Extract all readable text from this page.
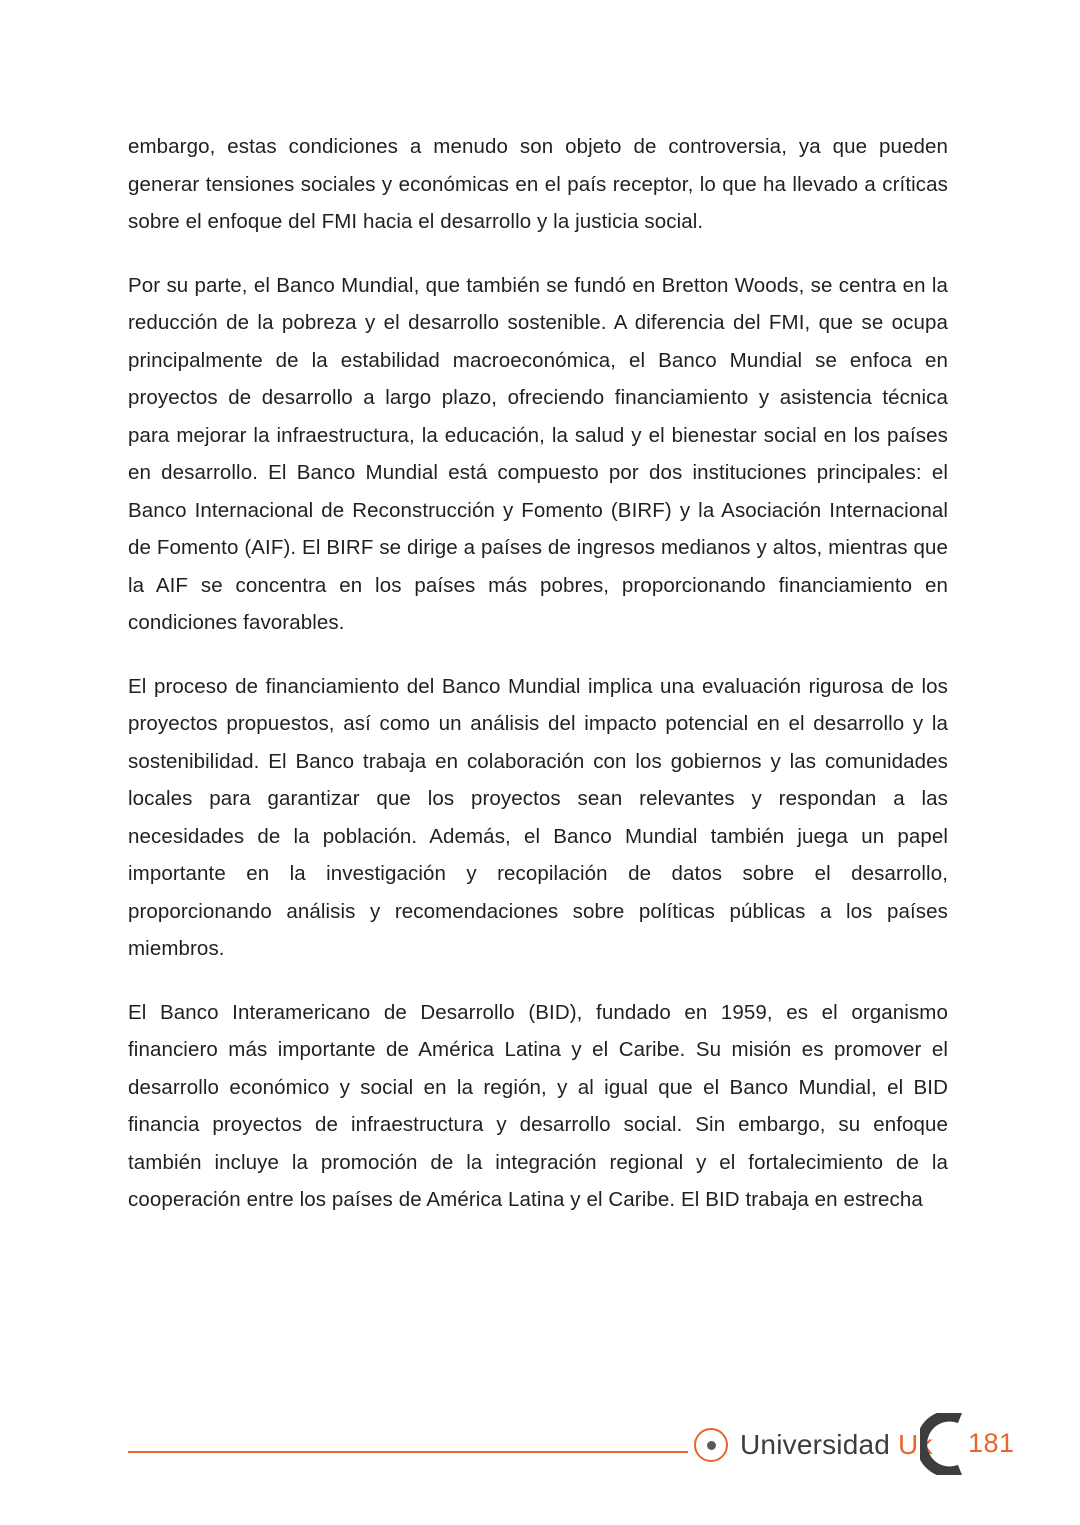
embargo, estas condiciones a menudo son objeto de controversia, ya que pueden generar tensiones sociales y económicas en el país receptor, lo que ha llevado a críticas sobre el enfoque del FMI hacia el desarrollo y la justicia social.

Por su parte, el Banco Mundial, que también se fundó en Bretton Woods, se centra en la reducción de la pobreza y el desarrollo sostenible. A diferencia del FMI, que se ocupa principalmente de la estabilidad macroeconómica, el Banco Mundial se enfoca en proyectos de desarrollo a largo plazo, ofreciendo financiamiento y asistencia técnica para mejorar la infraestructura, la educación, la salud y el bienestar social en los países en desarrollo. El Banco Mundial está compuesto por dos instituciones principales: el Banco Internacional de Reconstrucción y Fomento (BIRF) y la Asociación Internacional de Fomento (AIF). El BIRF se dirige a países de ingresos medianos y altos, mientras que la AIF se concentra en los países más pobres, proporcionando financiamiento en condiciones favorables.

El proceso de financiamiento del Banco Mundial implica una evaluación rigurosa de los proyectos propuestos, así como un análisis del impacto potencial en el desarrollo y la sostenibilidad. El Banco trabaja en colaboración con los gobiernos y las comunidades locales para garantizar que los proyectos sean relevantes y respondan a las necesidades de la población. Además, el Banco Mundial también juega un papel importante en la investigación y recopilación de datos sobre el desarrollo, proporcionando análisis y recomendaciones sobre políticas públicas a los países miembros.

El Banco Interamericano de Desarrollo (BID), fundado en 1959, es el organismo financiero más importante de América Latina y el Caribe. Su misión es promover el desarrollo económico y social en la región, y al igual que el Banco Mundial, el BID financia proyectos de infraestructura y desarrollo social. Sin embargo, su enfoque también incluye la promoción de la integración regional y el fortalecimiento de la cooperación entre los países de América Latina y el Caribe. El BID trabaja en estrecha

Universidad Uk 181
